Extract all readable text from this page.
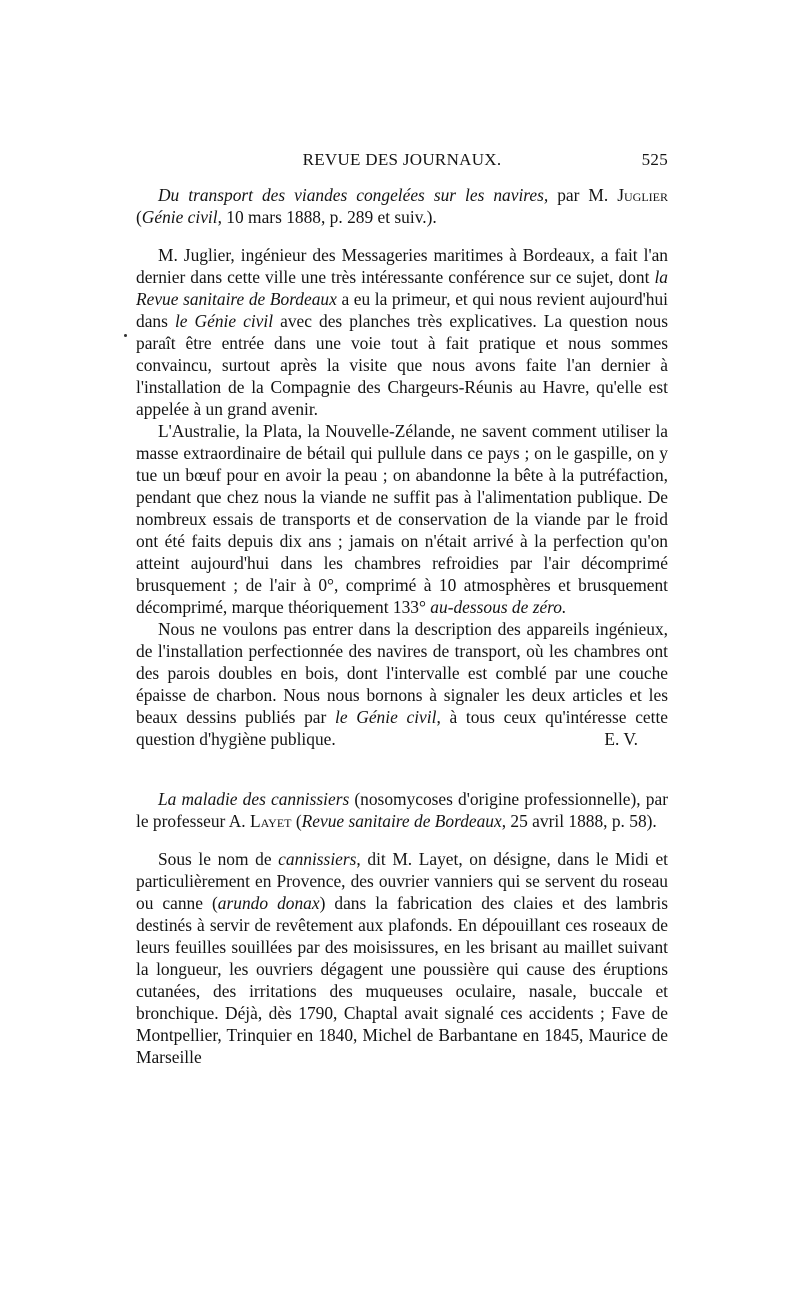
REVUE DES JOURNAUX.	525
Du transport des viandes congelées sur les navires, par M. Juglier (Génie civil, 10 mars 1888, p. 289 et suiv.).

M. Juglier, ingénieur des Messageries maritimes à Bordeaux, a fait l'an dernier dans cette ville une très intéressante conférence sur ce sujet, dont la Revue sanitaire de Bordeaux a eu la primeur, et qui nous revient aujourd'hui dans le Génie civil avec des planches très explicatives. La question nous paraît être entrée dans une voie tout à fait pratique et nous sommes convaincu, surtout après la visite que nous avons faite l'an dernier à l'installation de la Compagnie des Chargeurs-Réunis au Havre, qu'elle est appelée à un grand avenir.

L'Australie, la Plata, la Nouvelle-Zélande, ne savent comment utiliser la masse extraordinaire de bétail qui pullule dans ce pays ; on le gaspille, on y tue un bœuf pour en avoir la peau ; on abandonne la bête à la putréfaction, pendant que chez nous la viande ne suffit pas à l'alimentation publique. De nombreux essais de transports et de conservation de la viande par le froid ont été faits depuis dix ans ; jamais on n'était arrivé à la perfection qu'on atteint aujourd'hui dans les chambres refroidies par l'air décomprimé brusquement ; de l'air à 0°, comprimé à 10 atmosphères et brusquement décomprimé, marque théoriquement 133° au-dessous de zéro.

Nous ne voulons pas entrer dans la description des appareils ingénieux, de l'installation perfectionnée des navires de transport, où les chambres ont des parois doubles en bois, dont l'intervalle est comblé par une couche épaisse de charbon. Nous nous bornons à signaler les deux articles et les beaux dessins publiés par le Génie civil, à tous ceux qu'intéresse cette question d'hygiène publique.	E. V.
La maladie des cannissiers (nosomycoses d'origine professionnelle), par le professeur A. Layet (Revue sanitaire de Bordeaux, 25 avril 1888, p. 58).

Sous le nom de cannissiers, dit M. Layet, on désigne, dans le Midi et particulièrement en Provence, des ouvrier vanniers qui se servent du roseau ou canne (arundo donax) dans la fabrication des claies et des lambris destinés à servir de revêtement aux plafonds. En dépouillant ces roseaux de leurs feuilles souillées par des moisissures, en les brisant au maillet suivant la longueur, les ouvriers dégagent une poussière qui cause des éruptions cutanées, des irritations des muqueuses oculaire, nasale, buccale et bronchique. Déjà, dès 1790, Chaptal avait signalé ces accidents ; Fave de Montpellier, Trinquier en 1840, Michel de Barbantane en 1845, Maurice de Marseille
